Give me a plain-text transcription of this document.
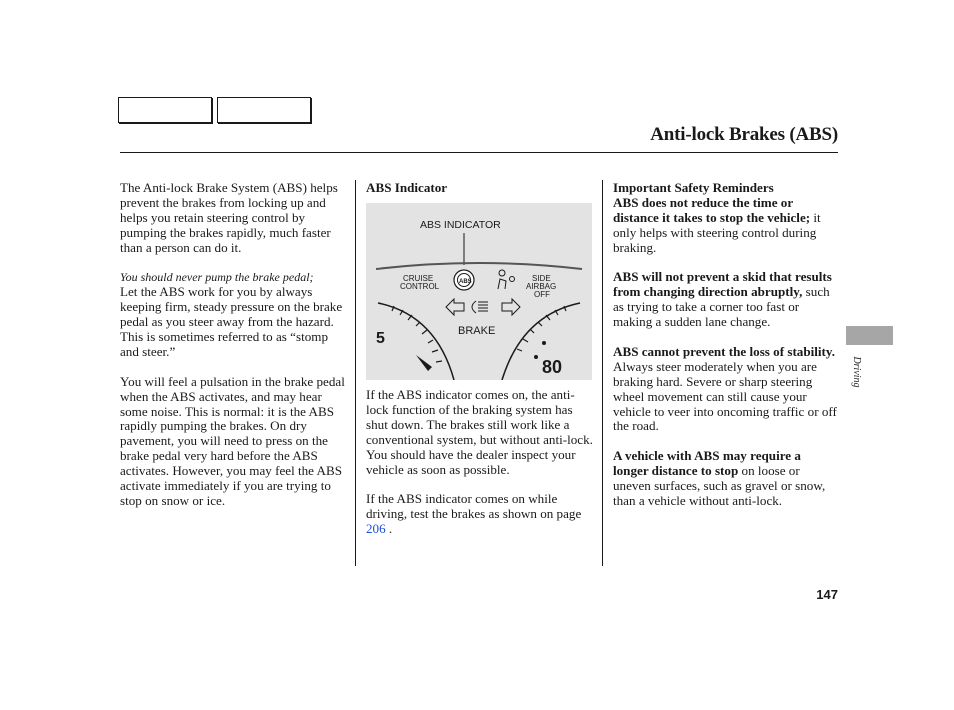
Anti-lock Brakes (ABS)

The Anti-lock Brake System (ABS) helps prevent the brakes from locking up and helps you retain steering control by pumping the brakes rapidly, much faster than a person can do it.

You should never pump the brake pedal;

Let the ABS work for you by always keeping firm, steady pressure on the brake pedal as you steer away from the hazard. This is sometimes referred to as “stomp and steer.”

You will feel a pulsation in the brake pedal when the ABS activates, and may hear some noise. This is normal: it is the ABS rapidly pumping the brakes. On dry pavement, you will need to press on the brake pedal very hard before the ABS activates. However, you may feel the ABS activate immediately if you are trying to stop on snow or ice.

ABS Indicator
ABS INDICATOR
ABS
CRUISE
CONTROL
SIDE
AIRBAG
OFF
BRAKE
5
80

If the ABS indicator comes on, the anti-lock function of the braking system has shut down. The brakes still work like a conventional system, but without anti-lock. You should have the dealer inspect your vehicle as soon as possible.

If the ABS indicator comes on while driving, test the brakes as shown on page 206 .

Important Safety Reminders

ABS does not reduce the time or distance it takes to stop the vehicle; it only helps with steering control during braking.

ABS will not prevent a skid that results from changing direction abruptly, such as trying to take a corner too fast or making a sudden lane change.

ABS cannot prevent the loss of stability. Always steer moderately when you are braking hard. Severe or sharp steering wheel movement can still cause your vehicle to veer into oncoming traffic or off the road.

A vehicle with ABS may require a longer distance to stop on loose or uneven surfaces, such as gravel or snow, than a vehicle without anti-lock.

Driving
147
